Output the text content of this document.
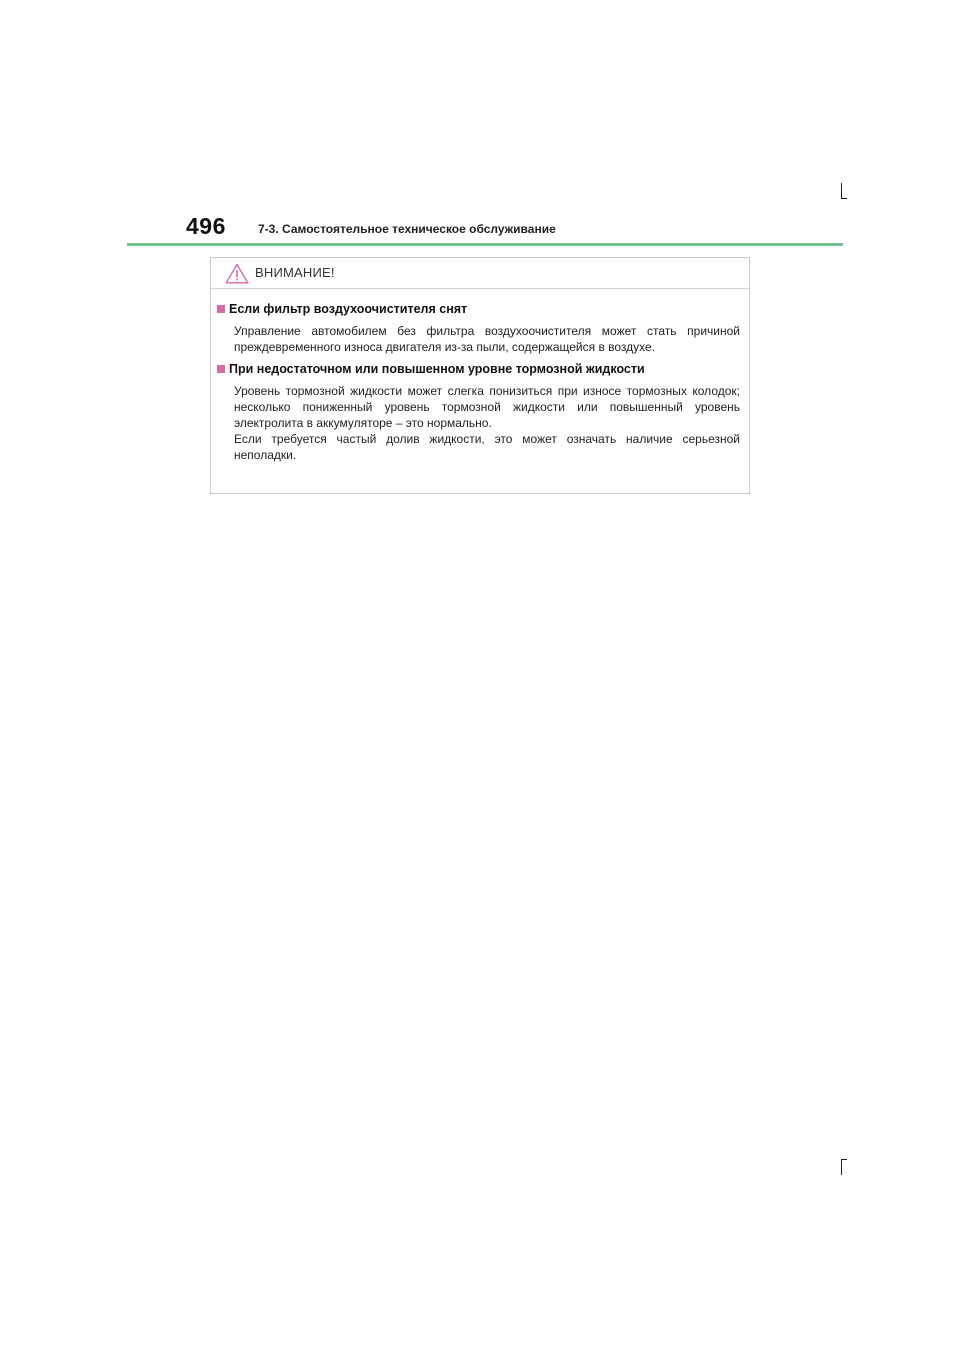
496	7-3. Самостоятельное техническое обслуживание
ВНИМАНИЕ!
Если фильтр воздухоочистителя снят

Управление автомобилем без фильтра воздухоочистителя может стать причиной преждевременного износа двигателя из-за пыли, содержащейся в воздухе.

При недостаточном или повышенном уровне тормозной жидкости

Уровень тормозной жидкости может слегка понизиться при износе тормозных колодок; несколько пониженный уровень тормозной жидкости или повышенный уровень электролита в аккумуляторе – это нормально.

Если требуется частый долив жидкости, это может означать наличие серьезной неполадки.
